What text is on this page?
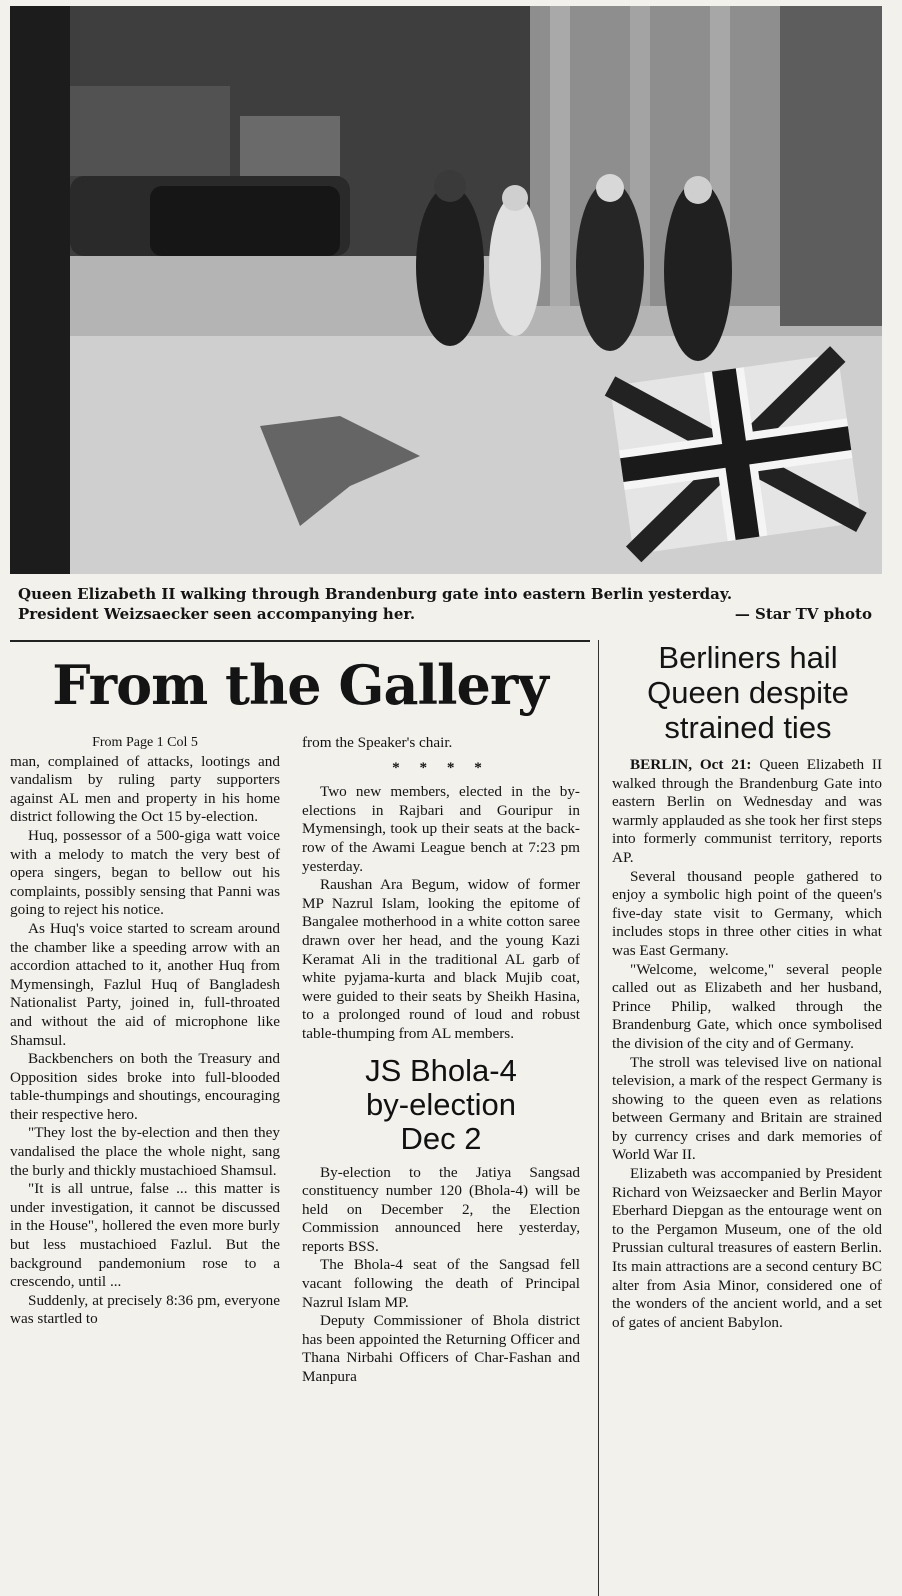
Queen Elizabeth II walking through Brandenburg gate into eastern Berlin yesterday.
President Weizsaecker seen accompanying her.	— Star TV photo
From the Gallery

From Page 1 Col 5

man, complained of attacks, lootings and vandalism by ruling party supporters against AL men and property in his home district following the Oct 15 by-election.

Huq, possessor of a 500-giga watt voice with a melody to match the very best of opera singers, began to bellow out his complaints, possibly sensing that Panni was going to reject his notice.

As Huq's voice started to scream around the chamber like a speeding arrow with an accordion attached to it, another Huq from Mymensingh, Fazlul Huq of Bangladesh Nationalist Party, joined in, full-throated and without the aid of microphone like Shamsul.

Backbenchers on both the Treasury and Opposition sides broke into full-blooded table-thumpings and shoutings, encouraging their respective hero.

"They lost the by-election and then they vandalised the place the whole night, sang the burly and thickly mustachioed Shamsul.

"It is all untrue, false ... this matter is under investigation, it cannot be discussed in the House", hollered the even more burly but less mustachioed Fazlul. But the background pandemonium rose to a crescendo, until ...

Suddenly, at precisely 8:36 pm, everyone was startled to

from the Speaker's chair.

* * * *

Two new members, elected in the by-elections in Rajbari and Gouripur in Mymensingh, took up their seats at the back-row of the Awami League bench at 7:23 pm yesterday.

Raushan Ara Begum, widow of former MP Nazrul Islam, looking the epitome of Bangalee motherhood in a white cotton saree drawn over her head, and the young Kazi Keramat Ali in the traditional AL garb of white pyjama-kurta and black Mujib coat, were guided to their seats by Sheikh Hasina, to a prolonged round of loud and robust table-thumping from AL members.

JS Bhola-4
by-election
Dec 2

By-election to the Jatiya Sangsad constituency number 120 (Bhola-4) will be held on December 2, the Election Commission announced here yesterday, reports BSS.

The Bhola-4 seat of the Sangsad fell vacant following the death of Principal Nazrul Islam MP.

Deputy Commissioner of Bhola district has been appointed the Returning Officer and Thana Nirbahi Officers of Char-Fashan and Manpura

Berliners hail
Queen despite
strained ties

BERLIN, Oct 21: Queen Elizabeth II walked through the Brandenburg Gate into eastern Berlin on Wednesday and was warmly applauded as she took her first steps into formerly communist territory, reports AP.

Several thousand people gathered to enjoy a symbolic high point of the queen's five-day state visit to Germany, which includes stops in three other cities in what was East Germany.

"Welcome, welcome," several people called out as Elizabeth and her husband, Prince Philip, walked through the Brandenburg Gate, which once symbolised the division of the city and of Germany.

The stroll was televised live on national television, a mark of the respect Germany is showing to the queen even as relations between Germany and Britain are strained by currency crises and dark memories of World War II.

Elizabeth was accompanied by President Richard von Weizsaecker and Berlin Mayor Eberhard Diepgan as the entourage went on to the Pergamon Museum, one of the old Prussian cultural treasures of eastern Berlin. Its main attractions are a second century BC alter from Asia Minor, considered one of the wonders of the ancient world, and a set of gates of ancient Babylon.
